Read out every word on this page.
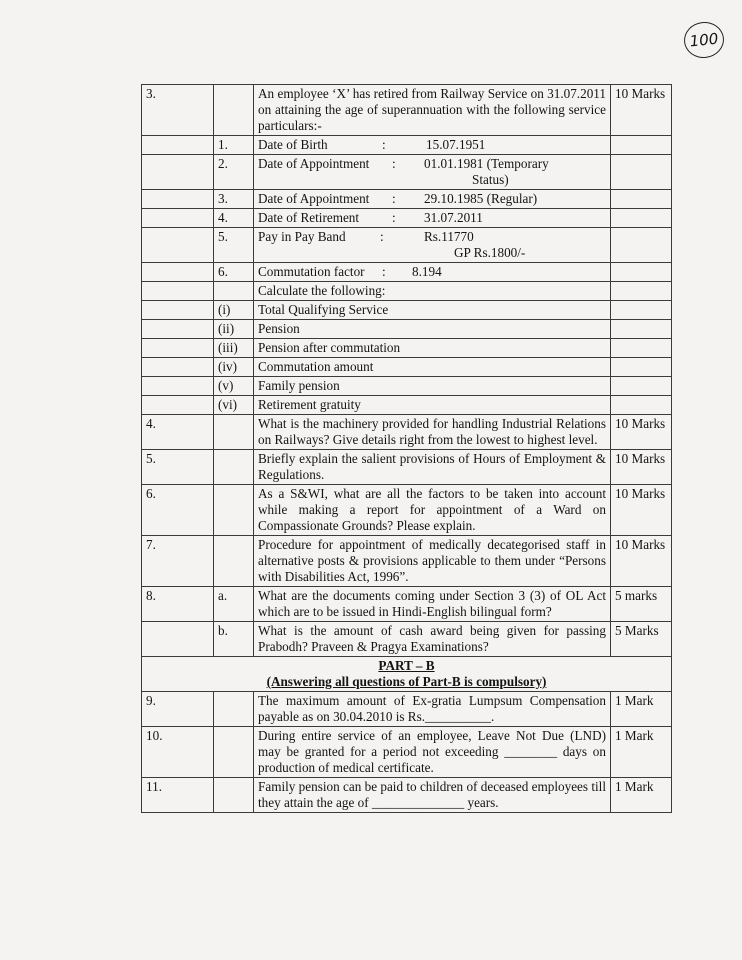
100
3.		An employee ‘X’ has retired from Railway Service on 31.07.2011 on attaining the age of superannuation with the following service particulars:-	10 Marks
	1.	Date of Birth : 15.07.1951	
	2.	Date of Appointment : 01.01.1981 (Temporary
Status)	
	3.	Date of Appointment : 29.10.1985 (Regular)	
	4.	Date of Retirement : 31.07.2011	
	5.	Pay in Pay Band : Rs.11770
GP Rs.1800/-	
	6.	Commutation factor : 8.194	
		Calculate the following:	
	(i)	Total Qualifying Service	
	(ii)	Pension	
	(iii)	Pension after commutation	
	(iv)	Commutation amount	
	(v)	Family pension	
	(vi)	Retirement gratuity	
4.		What is the machinery provided for handling Industrial Relations on Railways? Give details right from the lowest to highest level.	10 Marks
5.		Briefly explain the salient provisions of Hours of Employment & Regulations.	10 Marks
6.		As a S&WI, what are all the factors to be taken into account while making a report for appointment of a Ward on Compassionate Grounds? Please explain.	10 Marks
7.		Procedure for appointment of medically decategorised staff in alternative posts & provisions applicable to them under “Persons with Disabilities Act, 1996”.	10 Marks
8.	a.	What are the documents coming under Section 3 (3) of OL Act which are to be issued in Hindi-English bilingual form?	5 marks
	b.	What is the amount of cash award being given for passing Prabodh? Praveen & Pragya Examinations?	5 Marks

PART – B
(Answering all questions of Part-B is compulsory)			

9.		The maximum amount of Ex-gratia Lumpsum Compensation payable as on 30.04.2010 is Rs.__________.	1 Mark
10.		During entire service of an employee, Leave Not Due (LND) may be granted for a period not exceeding ________ days on production of medical certificate.	1 Mark
11.		Family pension can be paid to children of deceased employees till they attain the age of ______________ years.	1 Mark
